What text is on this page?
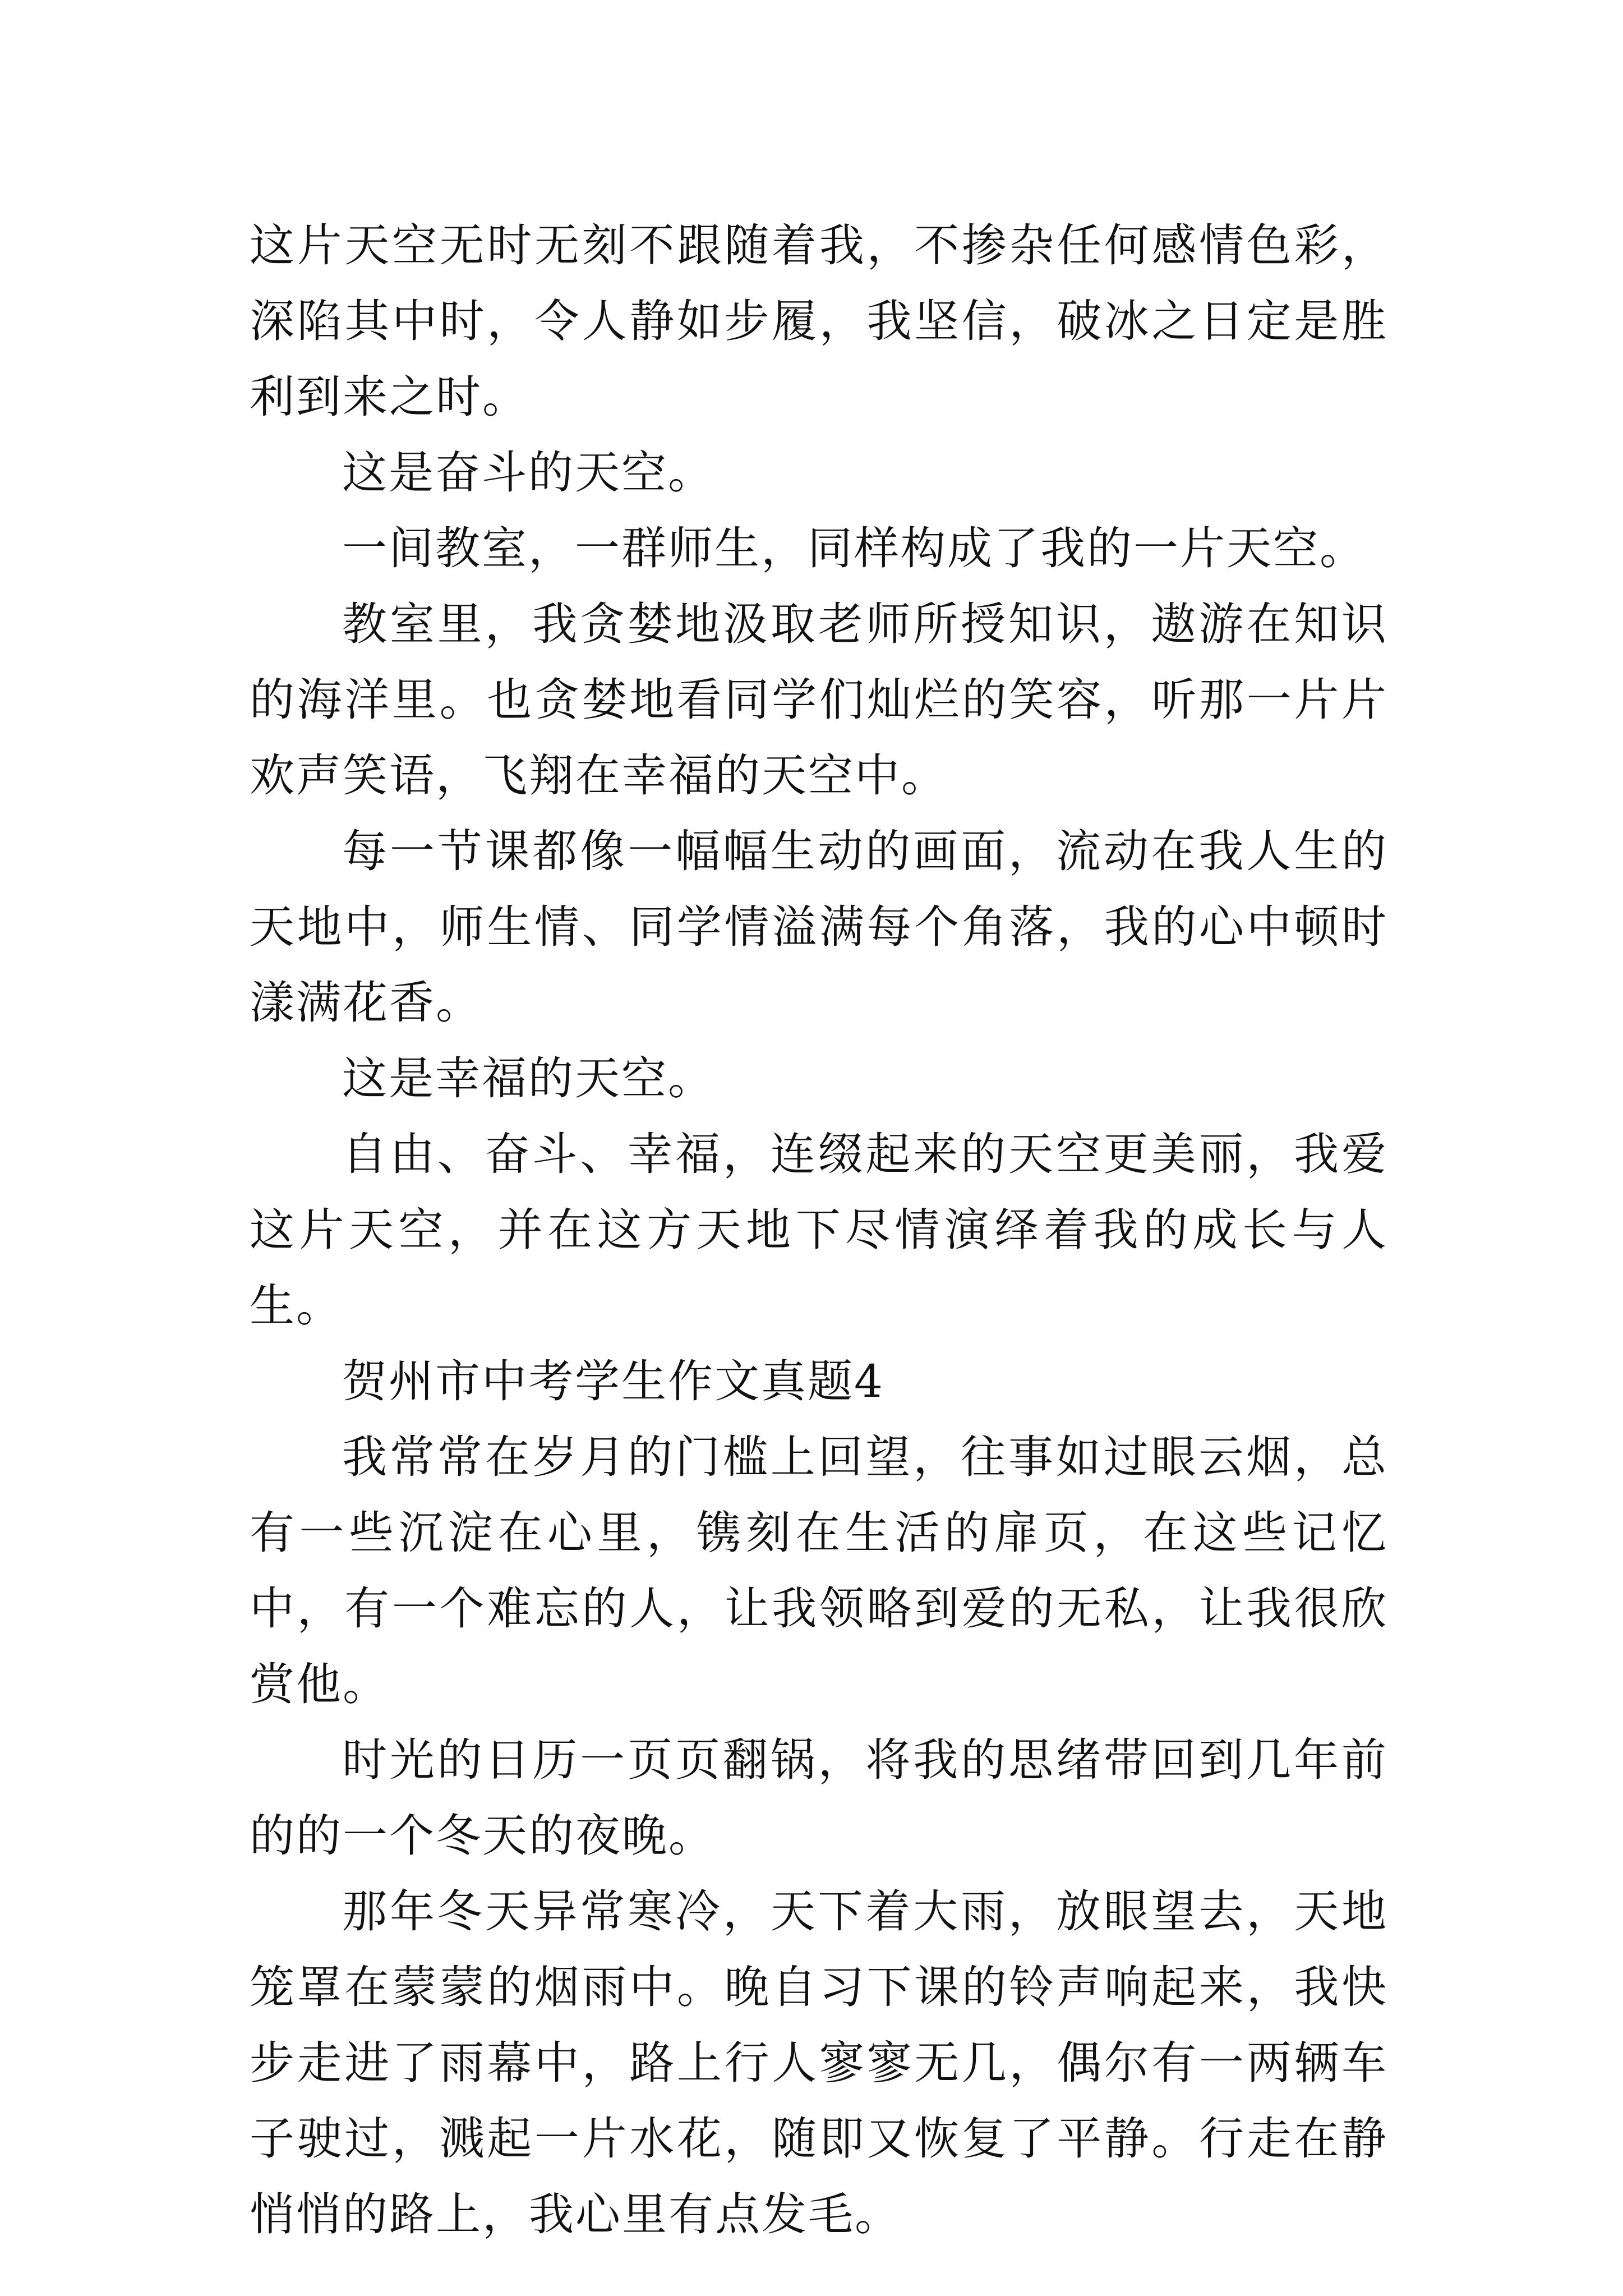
这片天空无时无刻不跟随着我，不掺杂任何感情色彩，深陷其中时，令人静如步履，我坚信，破冰之日定是胜利到来之时。

这是奋斗的天空。

一间教室，一群师生，同样构成了我的一片天空。

教室里，我贪婪地汲取老师所授知识，遨游在知识的海洋里。也贪婪地看同学们灿烂的笑容，听那一片片欢声笑语，飞翔在幸福的天空中。

每一节课都像一幅幅生动的画面，流动在我人生的天地中，师生情、同学情溢满每个角落，我的心中顿时漾满花香。

这是幸福的天空。

自由、奋斗、幸福，连缀起来的天空更美丽，我爱这片天空，并在这方天地下尽情演绎着我的成长与人生。

贺州市中考学生作文真题4

我常常在岁月的门槛上回望，往事如过眼云烟，总有一些沉淀在心里，镌刻在生活的扉页，在这些记忆中，有一个难忘的人，让我领略到爱的无私，让我很欣赏他。

时光的日历一页页翻锅，将我的思绪带回到几年前的的一个冬天的夜晚。

那年冬天异常寒冷，天下着大雨，放眼望去，天地笼罩在蒙蒙的烟雨中。晚自习下课的铃声响起来，我快步走进了雨幕中，路上行人寥寥无几，偶尔有一两辆车子驶过，溅起一片水花，随即又恢复了平静。行走在静悄悄的路上，我心里有点发毛。
